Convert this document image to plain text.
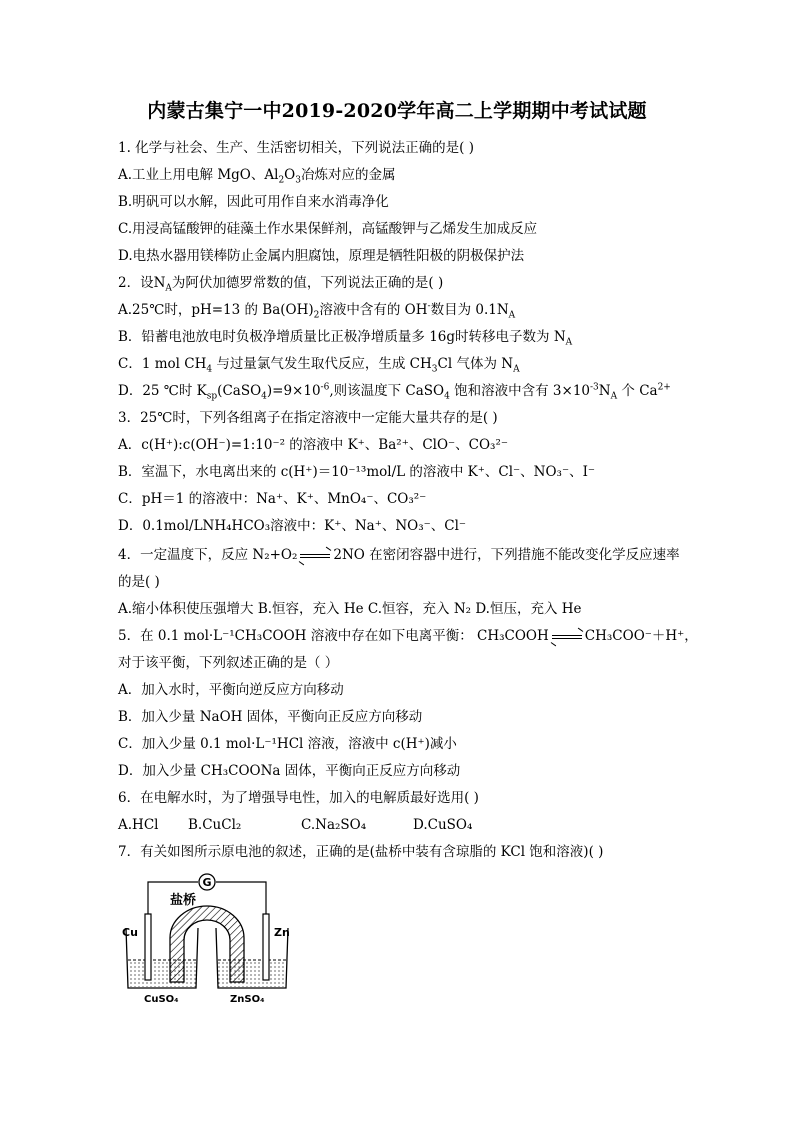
内蒙古集宁一中2019-2020学年高二上学期期中考试试题
1. 化学与社会、生产、生活密切相关，下列说法正确的是( )
A.工业上用电解 MgO、$Al_2O_3$冶炼对应的金属
B.明矾可以水解，因此可用作自来水消毒净化
C.用浸高锰酸钾的硅藻土作水果保鲜剂，高锰酸钾与乙烯发生加成反应
D.电热水器用镁棒防止金属内胆腐蚀，原理是牺牲阳极的阴极保护法
2．设$N_A$为阿伏加德罗常数的值，下列说法正确的是( )
A.25℃时，pH=13 的 $Ba(OH)_2$溶液中含有的 OH-数目为 $0.1N_A$
B．铅蓄电池放电时负极净增质量比正极净增质量多 16g时转移电子数为 $N_A$
C．1 mol $CH_4$ 与过量氯气发生取代反应，生成 $CH_3Cl$ 气体为 $N_A$
D．25 ℃时 $K_{sp}(CaSO_4)=9\times 10^{-6}$,则该温度下 CaSO$_4$ 饱和溶液中含有 $3\times 10^{-3}N_A$ 个 $Ca^{2+}$
3．25℃时，下列各组离子在指定溶液中一定能大量共存的是( )
A．c(H⁺):c(OH⁻)=1:10⁻² 的溶液中 K⁺、Ba²⁺、ClO⁻、CO₃²⁻
B．室温下，水电离出来的 c(H⁺)＝10⁻¹³mol/L 的溶液中 K⁺、Cl⁻、NO₃⁻、I⁻
C．pH＝1 的溶液中：Na⁺、K⁺、MnO₄⁻、CO₃²⁻
D．0.1mol/LNH₄HCO₃溶液中：K⁺、Na⁺、NO₃⁻、Cl⁻
4．一定温度下，反应 N₂+O₂	2NO 在密闭容器中进行，下列措施不能改变化学反应速率
的是( )
A.缩小体积使压强增大 B.恒容，充入 He C.恒容，充入 N₂ D.恒压，充入 He
5．在 0.1 mol·L⁻¹CH₃COOH 溶液中存在如下电离平衡： CH₃COOH	CH₃COO⁻＋H⁺，
对于该平衡，下列叙述正确的是（ ）
A．加入水时，平衡向逆反应方向移动
B．加入少量 NaOH 固体，平衡向正反应方向移动
C．加入少量 0.1 mol·L⁻¹HCl 溶液，溶液中 c(H⁺)减小
D．加入少量 CH₃COONa 固体，平衡向正反应方向移动
6．在电解水时，为了增强导电性，加入的电解质最好选用( )
A.HCl B.CuCl₂	C.Na₂SO₄	D.CuSO₄
7．有关如图所示原电池的叙述，正确的是(盐桥中装有含琼脂的 KCl 饱和溶液)( )
G
盐桥
Cu	Zn
CuSO₄	ZnSO₄
